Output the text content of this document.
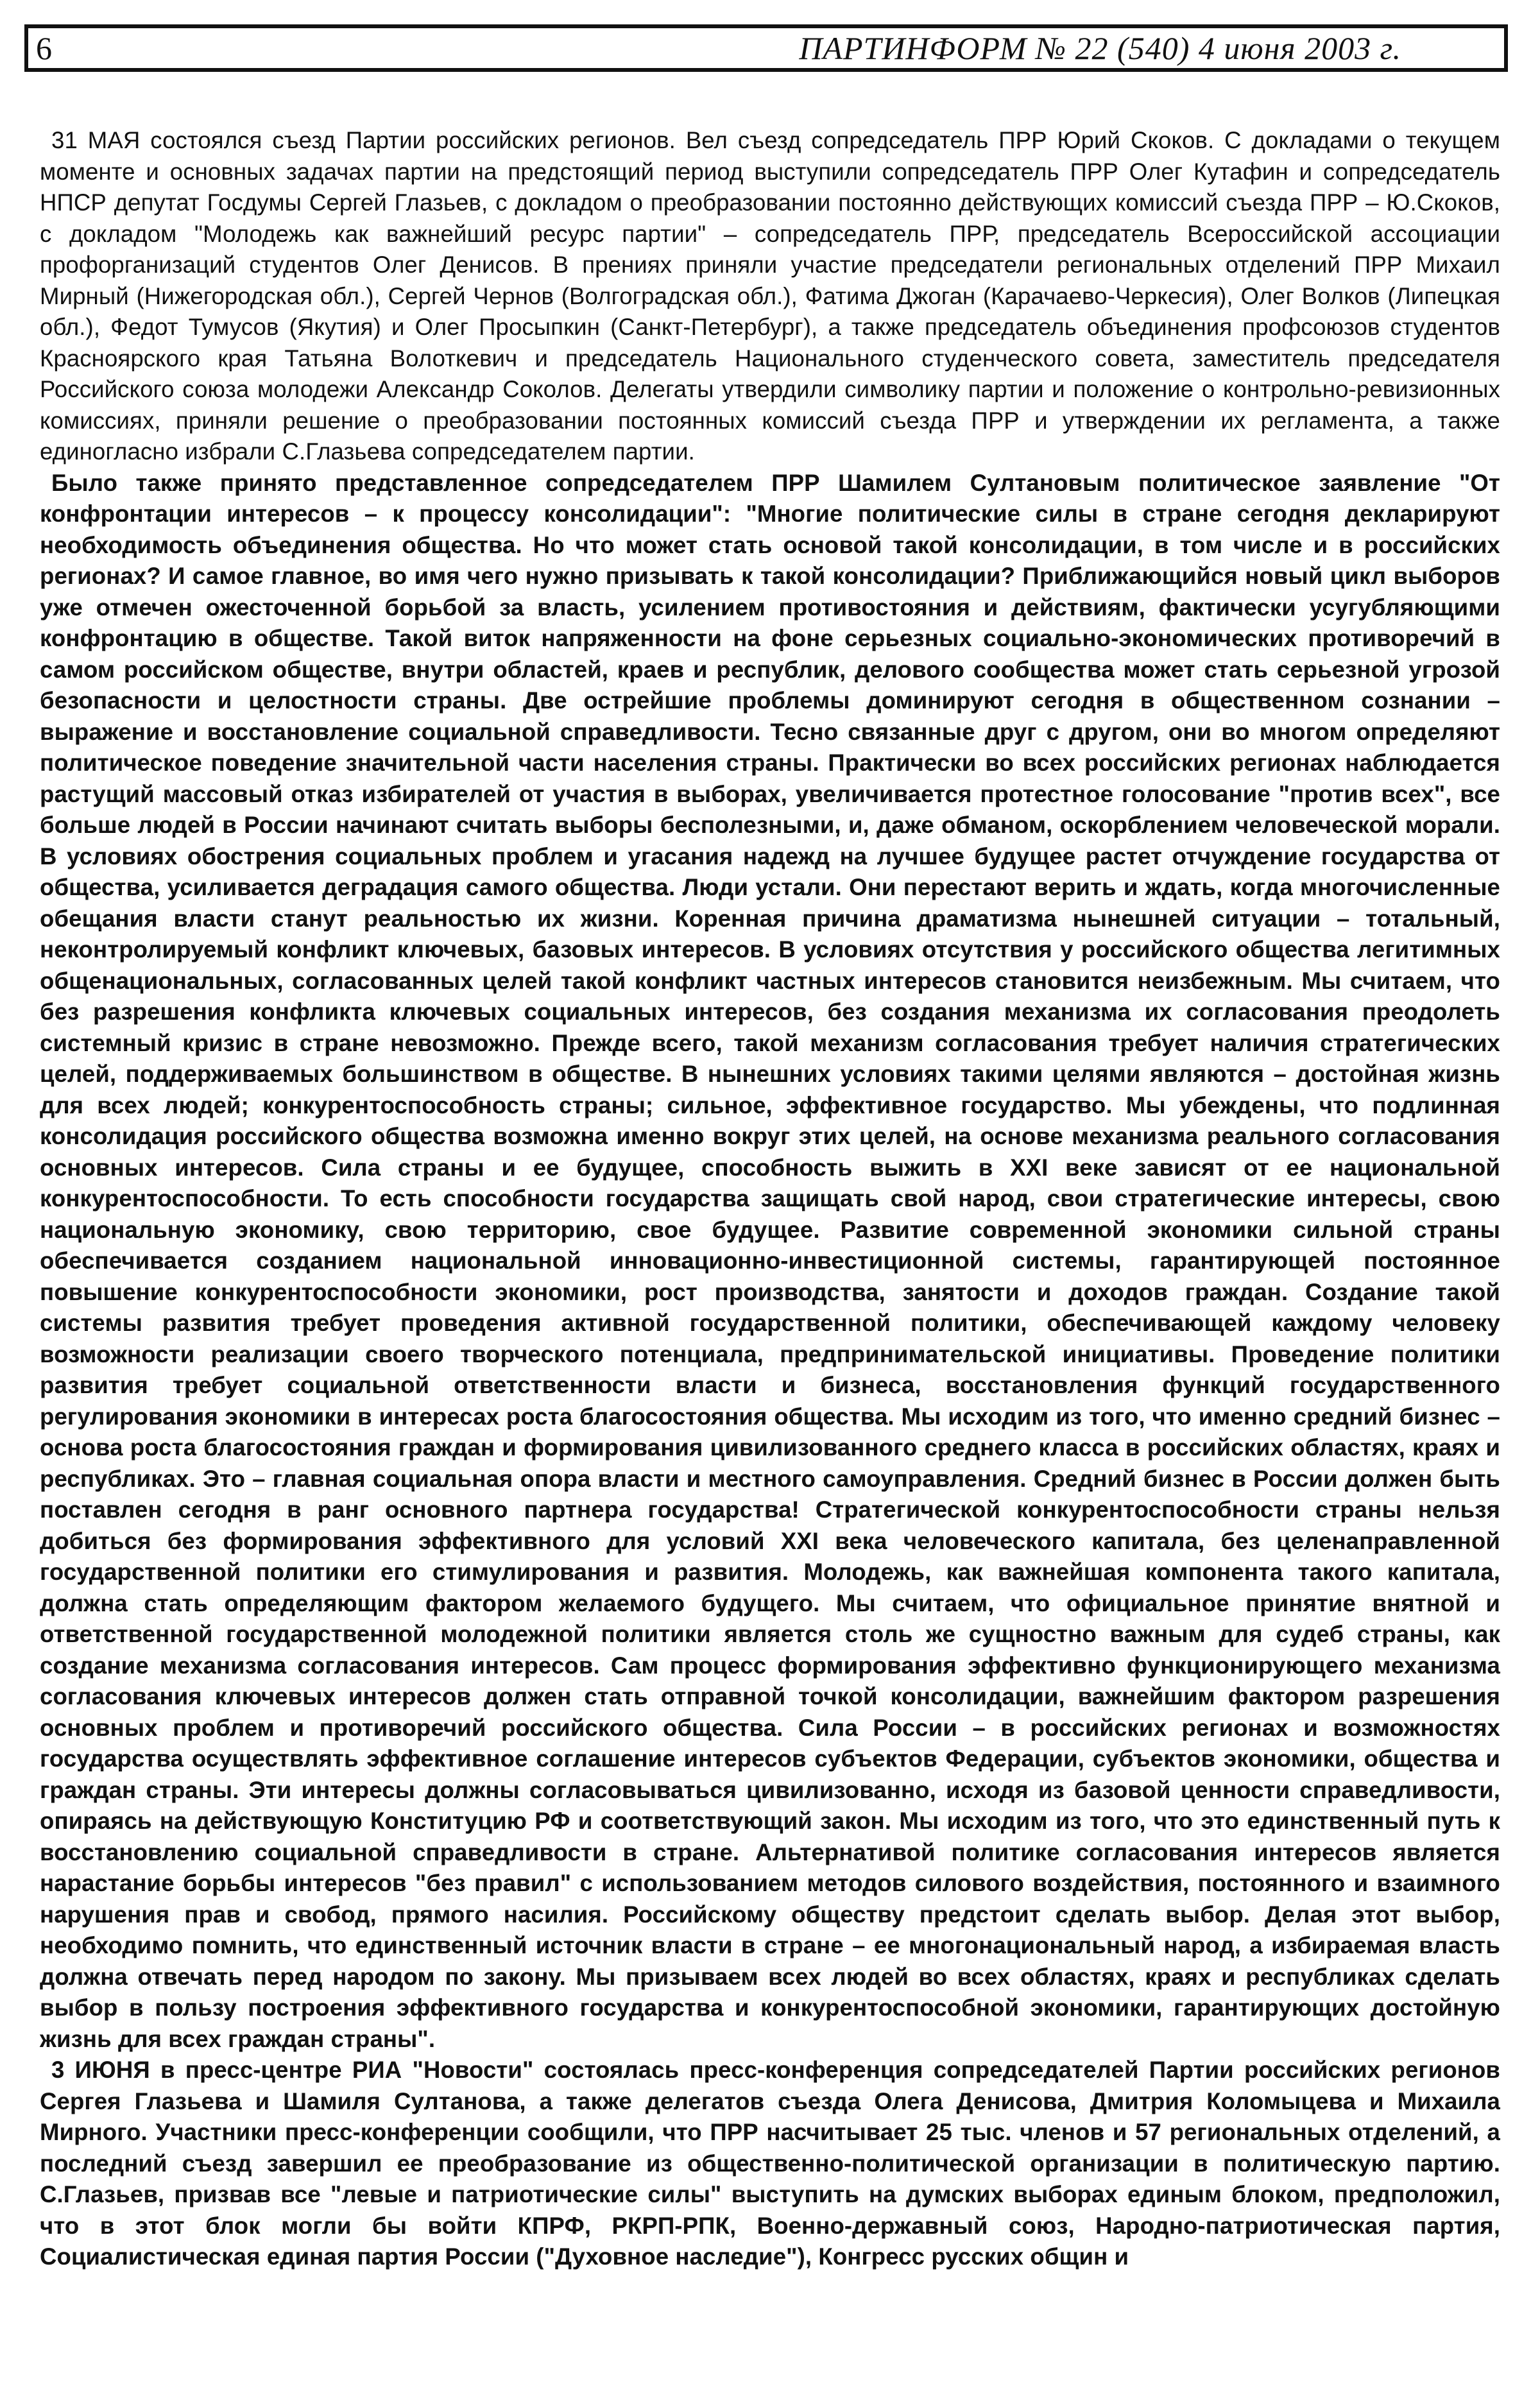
6	ПАРТИНФОРМ № 22 (540) 4 июня 2003 г.

31 МАЯ состоялся съезд Партии российских регионов. Вел съезд сопредседатель ПРР Юрий Скоков. С докладами о текущем моменте и основных задачах партии на предстоящий период выступили сопредседатель ПРР Олег Кутафин и сопредседатель НПСР депутат Госдумы Сергей Глазьев, с докладом о преобразовании постоянно действующих комиссий съезда ПРР – Ю.Скоков, с докладом "Молодежь как важнейший ресурс партии" – сопредседатель ПРР, председатель Всероссийской ассоциации профорганизаций студентов Олег Денисов. В прениях приняли участие председатели региональных отделений ПРР Михаил Мирный (Нижегородская обл.), Сергей Чернов (Волгоградская обл.), Фатима Джоган (Карачаево-Черкесия), Олег Волков (Липецкая обл.), Федот Тумусов (Якутия) и Олег Просыпкин (Санкт-Петербург), а также председатель объединения профсоюзов студентов Красноярского края Татьяна Волоткевич и председатель Национального студенческого совета, заместитель председателя Российского союза молодежи Александр Соколов. Делегаты утвердили символику партии и положение о контрольно-ревизионных комиссиях, приняли решение о преобразовании постоянных комиссий съезда ПРР и утверждении их регламента, а также единогласно избрали С.Глазьева сопредседателем партии.

Было также принято представленное сопредседателем ПРР Шамилем Султановым политическое заявление "От конфронтации интересов – к процессу консолидации": "Многие политические силы в стране сегодня декларируют необходимость объединения общества. Но что может стать основой такой консолидации, в том числе и в российских регионах? И самое главное, во имя чего нужно призывать к такой консолидации? Приближающийся новый цикл выборов уже отмечен ожесточенной борьбой за власть, усилением противостояния и действиям, фактически усугубляющими конфронтацию в обществе. Такой виток напряженности на фоне серьезных социально-экономических противоречий в самом российском обществе, внутри областей, краев и республик, делового сообщества может стать серьезной угрозой безопасности и целостности страны. Две острейшие проблемы доминируют сегодня в общественном сознании – выражение и восстановление социальной справедливости. Тесно связанные друг с другом, они во многом определяют политическое поведение значительной части населения страны. Практически во всех российских регионах наблюдается растущий массовый отказ избирателей от участия в выборах, увеличивается протестное голосование "против всех", все больше людей в России начинают считать выборы бесполезными, и, даже обманом, оскорблением человеческой морали. В условиях обострения социальных проблем и угасания надежд на лучшее будущее растет отчуждение государства от общества, усиливается деградация самого общества. Люди устали. Они перестают верить и ждать, когда многочисленные обещания власти станут реальностью их жизни. Коренная причина драматизма нынешней ситуации – тотальный, неконтролируемый конфликт ключевых, базовых интересов. В условиях отсутствия у российского общества легитимных общенациональных, согласованных целей такой конфликт частных интересов становится неизбежным. Мы считаем, что без разрешения конфликта ключевых социальных интересов, без создания механизма их согласования преодолеть системный кризис в стране невозможно. Прежде всего, такой механизм согласования требует наличия стратегических целей, поддерживаемых большинством в обществе. В нынешних условиях такими целями являются – достойная жизнь для всех людей; конкурентоспособность страны; сильное, эффективное государство. Мы убеждены, что подлинная консолидация российского общества возможна именно вокруг этих целей, на основе механизма реального согласования основных интересов. Сила страны и ее будущее, способность выжить в XXI веке зависят от ее национальной конкурентоспособности. То есть способности государства защищать свой народ, свои стратегические интересы, свою национальную экономику, свою территорию, свое будущее. Развитие современной экономики сильной страны обеспечивается созданием национальной инновационно-инвестиционной системы, гарантирующей постоянное повышение конкурентоспособности экономики, рост производства, занятости и доходов граждан. Создание такой системы развития требует проведения активной государственной политики, обеспечивающей каждому человеку возможности реализации своего творческого потенциала, предпринимательской инициативы. Проведение политики развития требует социальной ответственности власти и бизнеса, восстановления функций государственного регулирования экономики в интересах роста благосостояния общества. Мы исходим из того, что именно средний бизнес – основа роста благосостояния граждан и формирования цивилизованного среднего класса в российских областях, краях и республиках. Это – главная социальная опора власти и местного самоуправления. Средний бизнес в России должен быть поставлен сегодня в ранг основного партнера государства! Стратегической конкурентоспособности страны нельзя добиться без формирования эффективного для условий XXI века человеческого капитала, без целенаправленной государственной политики его стимулирования и развития. Молодежь, как важнейшая компонента такого капитала, должна стать определяющим фактором желаемого будущего. Мы считаем, что официальное принятие внятной и ответственной государственной молодежной политики является столь же сущностно важным для судеб страны, как создание механизма согласования интересов. Сам процесс формирования эффективно функционирующего механизма согласования ключевых интересов должен стать отправной точкой консолидации, важнейшим фактором разрешения основных проблем и противоречий российского общества. Сила России – в российских регионах и возможностях государства осуществлять эффективное соглашение интересов субъектов Федерации, субъектов экономики, общества и граждан страны. Эти интересы должны согласовываться цивилизованно, исходя из базовой ценности справедливости, опираясь на действующую Конституцию РФ и соответствующий закон. Мы исходим из того, что это единственный путь к восстановлению социальной справедливости в стране. Альтернативой политике согласования интересов является нарастание борьбы интересов "без правил" с использованием методов силового воздействия, постоянного и взаимного нарушения прав и свобод, прямого насилия. Российскому обществу предстоит сделать выбор. Делая этот выбор, необходимо помнить, что единственный источник власти в стране – ее многонациональный народ, а избираемая власть должна отвечать перед народом по закону. Мы призываем всех людей во всех областях, краях и республиках сделать выбор в пользу построения эффективного государства и конкурентоспособной экономики, гарантирующих достойную жизнь для всех граждан страны".

3 ИЮНЯ в пресс-центре РИА "Новости" состоялась пресс-конференция сопредседателей Партии российских регионов Сергея Глазьева и Шамиля Султанова, а также делегатов съезда Олега Денисова, Дмитрия Коломыцева и Михаила Мирного. Участники пресс-конференции сообщили, что ПРР насчитывает 25 тыс. членов и 57 региональных отделений, а последний съезд завершил ее преобразование из общественно-политической организации в политическую партию. С.Глазьев, призвав все "левые и патриотические силы" выступить на думских выборах единым блоком, предположил, что в этот блок могли бы войти КПРФ, РКРП-РПК, Военно-державный союз, Народно-патриотическая партия, Социалистическая единая партия России ("Духовное наследие"), Конгресс русских общин и
